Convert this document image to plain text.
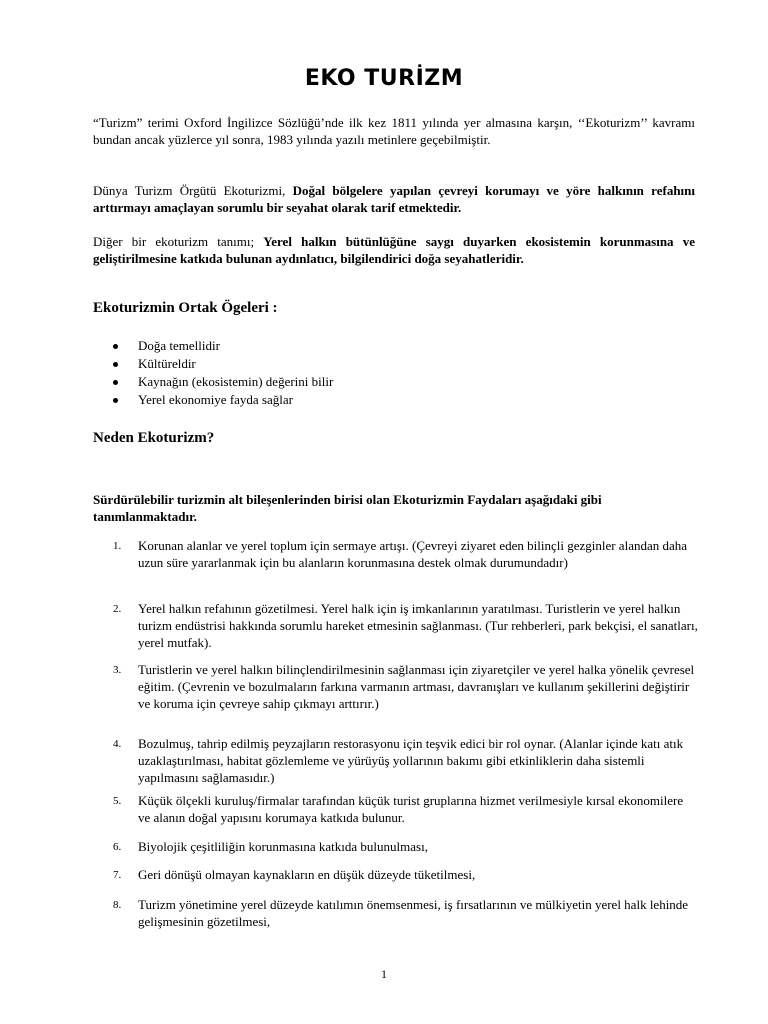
EKO TURİZM
“Turizm” terimi Oxford İngilizce Sözlüğü’nde ilk kez 1811 yılında yer almasına karşın, ‘‘Ekoturizm’’ kavramı bundan ancak yüzlerce yıl sonra, 1983 yılında yazılı metinlere geçebilmiştir.
Dünya Turizm Örgütü Ekoturizmi, Doğal bölgelere yapılan çevreyi korumayı ve yöre halkının refahını arttırmayı amaçlayan sorumlu bir seyahat olarak tarif etmektedir.
Diğer bir ekoturizm tanımı; Yerel halkın bütünlüğüne saygı duyarken ekosistemin korunmasına ve geliştirilmesine katkıda bulunan aydınlatıcı, bilgilendirici doğa seyahatleridir.
Ekoturizmin Ortak Ögeleri :
Doğa temellidir
Kültüreldir
Kaynağın (ekosistemin) değerini bilir
Yerel ekonomiye fayda sağlar
Neden Ekoturizm?
Sürdürülebilir turizmin alt bileşenlerinden birisi olan Ekoturizmin Faydaları aşağıdaki gibi tanımlanmaktadır.
1.	Korunan alanlar ve yerel toplum için sermaye artışı. (Çevreyi ziyaret eden bilinçli gezginler alandan daha uzun süre yararlanmak için bu alanların korunmasına destek olmak durumundadır)
2.	Yerel halkın refahının gözetilmesi. Yerel halk için iş imkanlarının yaratılması. Turistlerin ve yerel halkın turizm endüstrisi hakkında sorumlu hareket etmesinin sağlanması. (Tur rehberleri, park bekçisi, el sanatları, yerel mutfak).
3.	Turistlerin ve yerel halkın bilinçlendirilmesinin sağlanması için ziyaretçiler ve yerel halka yönelik çevresel eğitim. (Çevrenin ve bozulmaların farkına varmanın artması, davranışları ve kullanım şekillerini değiştirir ve koruma için çevreye sahip çıkmayı arttırır.)
4.	Bozulmuş, tahrip edilmiş peyzajların restorasyonu için teşvik edici bir rol oynar. (Alanlar içinde katı atık uzaklaştırılması, habitat gözlemleme ve yürüyüş yollarının bakımı gibi etkinliklerin daha sistemli yapılmasını sağlamasıdır.)
5.	Küçük ölçekli kuruluş/firmalar tarafından küçük turist gruplarına hizmet verilmesiyle kırsal ekonomilere ve alanın doğal yapısını korumaya katkıda bulunur.
6.	Biyolojik çeşitliliğin korunmasına katkıda bulunulması,
7.	Geri dönüşü olmayan kaynakların en düşük düzeyde tüketilmesi,
8.	Turizm yönetimine yerel düzeyde katılımın önemsenmesi, iş fırsatlarının ve mülkiyetin yerel halk lehinde gelişmesinin gözetilmesi,
1
